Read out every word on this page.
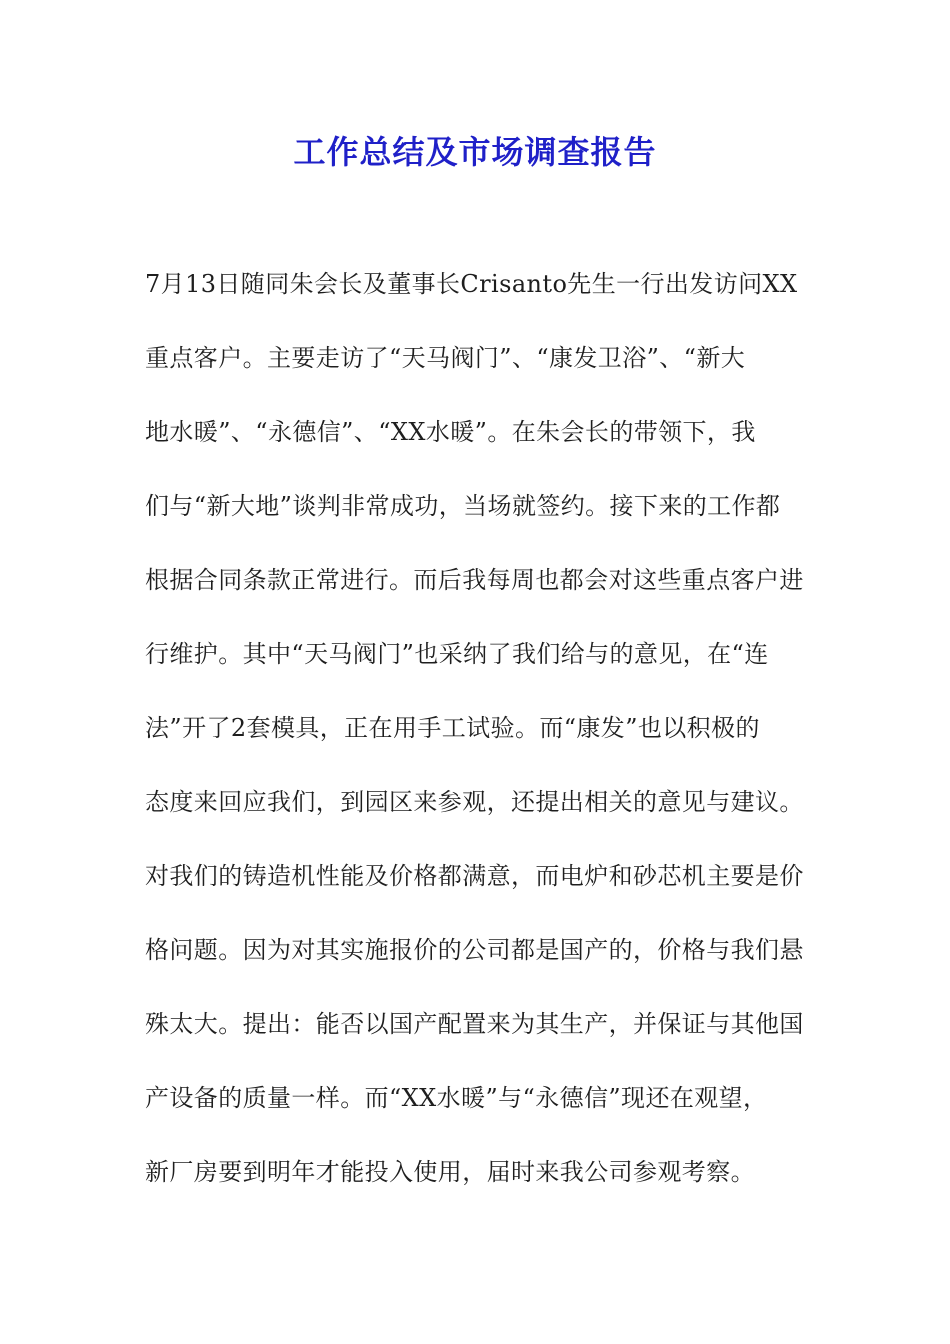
工作总结及市场调查报告
7月13日随同朱会长及董事长Crisanto先生一行出发访问XX
重点客户。主要走访了“天马阀门”、“康发卫浴”、“新大
地水暖”、“永德信”、“XX水暖”。在朱会长的带领下，我
们与“新大地”谈判非常成功，当场就签约。接下来的工作都
根据合同条款正常进行。而后我每周也都会对这些重点客户进
行维护。其中“天马阀门”也采纳了我们给与的意见，在“连
法”开了2套模具，正在用手工试验。而“康发”也以积极的
态度来回应我们，到园区来参观，还提出相关的意见与建议。
对我们的铸造机性能及价格都满意，而电炉和砂芯机主要是价
格问题。因为对其实施报价的公司都是国产的，价格与我们悬
殊太大。提出：能否以国产配置来为其生产，并保证与其他国
产设备的质量一样。而“XX水暖”与“永德信”现还在观望，
新厂房要到明年才能投入使用，届时来我公司参观考察。
